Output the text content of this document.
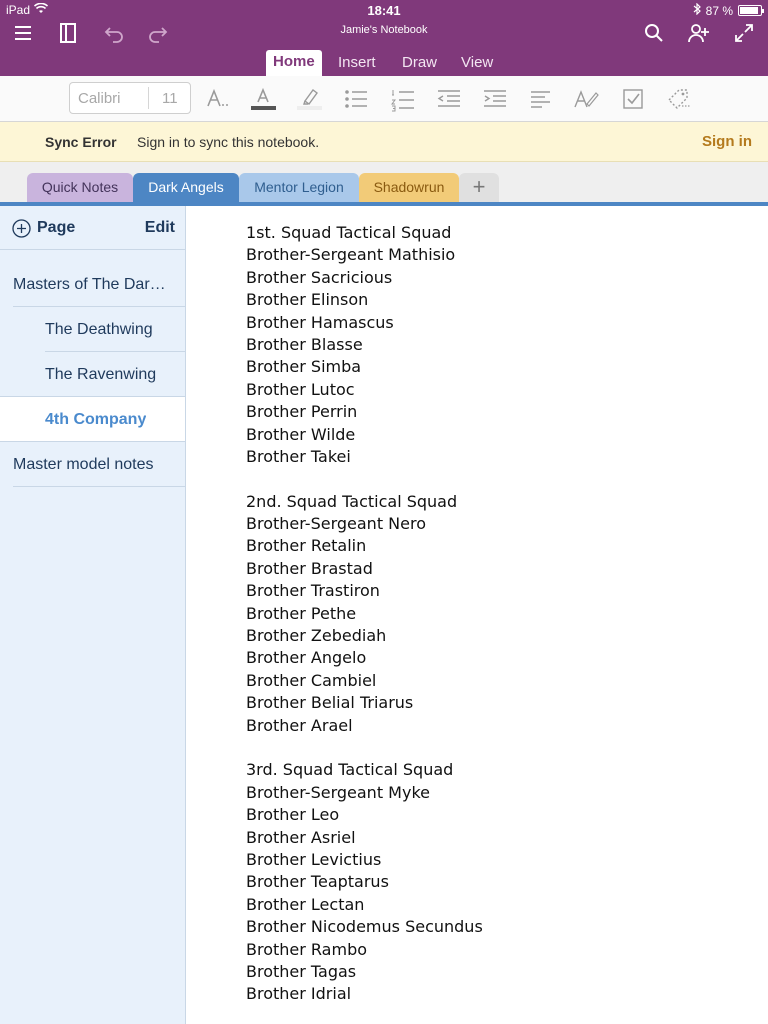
iPad	18:41	87 %
Jamie's Notebook
Home	Insert Draw View
Calibri	11
Sync Error Sign in to sync this notebook.	Sign in
Quick Notes	Shadowrun
Mentor Legion
Dark Angels	+
Page	Edit
Masters of The Dar…
The Deathwing
The Ravenwing
4th Company
Master model notes
1st. Squad Tactical Squad
Brother-Sergeant Mathisio
Brother Sacricious
Brother Elinson
Brother Hamascus
Brother Blasse
Brother Simba
Brother Lutoc
Brother Perrin
Brother Wilde
Brother Takei
2nd. Squad Tactical Squad
Brother-Sergeant Nero
Brother Retalin
Brother Brastad
Brother Trastiron
Brother Pethe
Brother Zebediah
Brother Angelo
Brother Cambiel
Brother Belial Triarus
Brother Arael
3rd. Squad Tactical Squad
Brother-Sergeant Myke
Brother Leo
Brother Asriel
Brother Levictius
Brother Teaptarus
Brother Lectan
Brother Nicodemus Secundus
Brother Rambo
Brother Tagas
Brother Idrial
